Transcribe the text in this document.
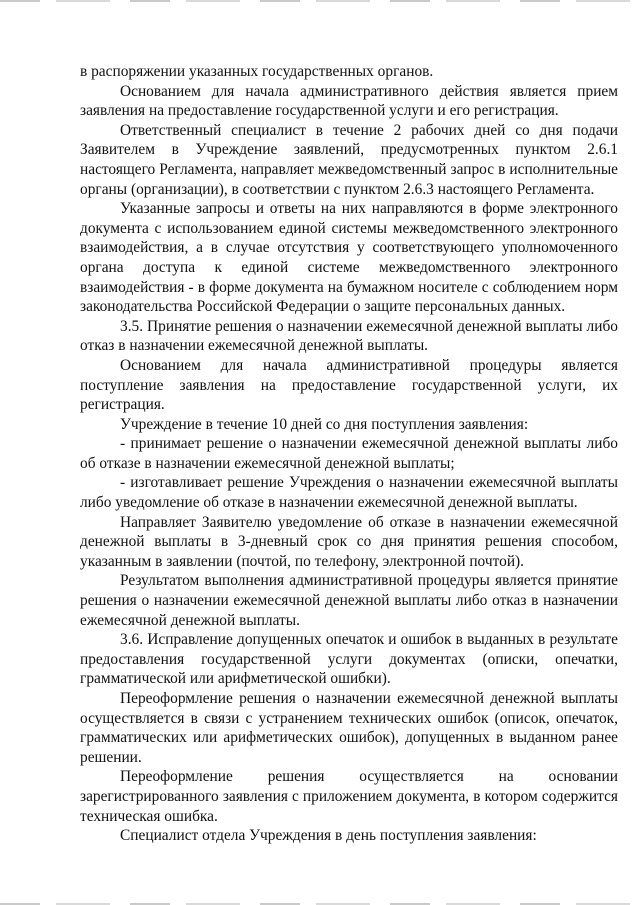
в распоряжении указанных государственных органов.

Основанием для начала административного действия является прием заявления на предоставление государственной услуги и его регистрация.

Ответственный специалист в течение 2 рабочих дней со дня подачи Заявителем в Учреждение заявлений, предусмотренных пунктом 2.6.1 настоящего Регламента, направляет межведомственный запрос в исполнительные органы (организации), в соответствии с пунктом 2.6.3 настоящего Регламента.

Указанные запросы и ответы на них направляются в форме электронного документа с использованием единой системы межведомственного электронного взаимодействия, а в случае отсутствия у соответствующего уполномоченного органа доступа к единой системе межведомственного электронного взаимодействия - в форме документа на бумажном носителе с соблюдением норм законодательства Российской Федерации о защите персональных данных.

3.5. Принятие решения о назначении ежемесячной денежной выплаты либо отказ в назначении ежемесячной денежной выплаты.

Основанием для начала административной процедуры является поступление заявления на предоставление государственной услуги, их регистрация.

Учреждение в течение 10 дней со дня поступления заявления:

- принимает решение о назначении ежемесячной денежной выплаты либо об отказе в назначении ежемесячной денежной выплаты;

- изготавливает решение Учреждения о назначении ежемесячной выплаты либо уведомление об отказе в назначении ежемесячной денежной выплаты.

Направляет Заявителю уведомление об отказе в назначении ежемесячной денежной выплаты в 3-дневный срок со дня принятия решения способом, указанным в заявлении (почтой, по телефону, электронной почтой).

Результатом выполнения административной процедуры является принятие решения о назначении ежемесячной денежной выплаты либо отказ в назначении ежемесячной денежной выплаты.

3.6. Исправление допущенных опечаток и ошибок в выданных в результате предоставления государственной услуги документах (описки, опечатки, грамматической или арифметической ошибки).

Переоформление решения о назначении ежемесячной денежной выплаты осуществляется в связи с устранением технических ошибок (описок, опечаток, грамматических или арифметических ошибок), допущенных в выданном ранее решении.

Переоформление решения осуществляется на основании зарегистрированного заявления с приложением документа, в котором содержится техническая ошибка.

Специалист отдела Учреждения в день поступления заявления:
